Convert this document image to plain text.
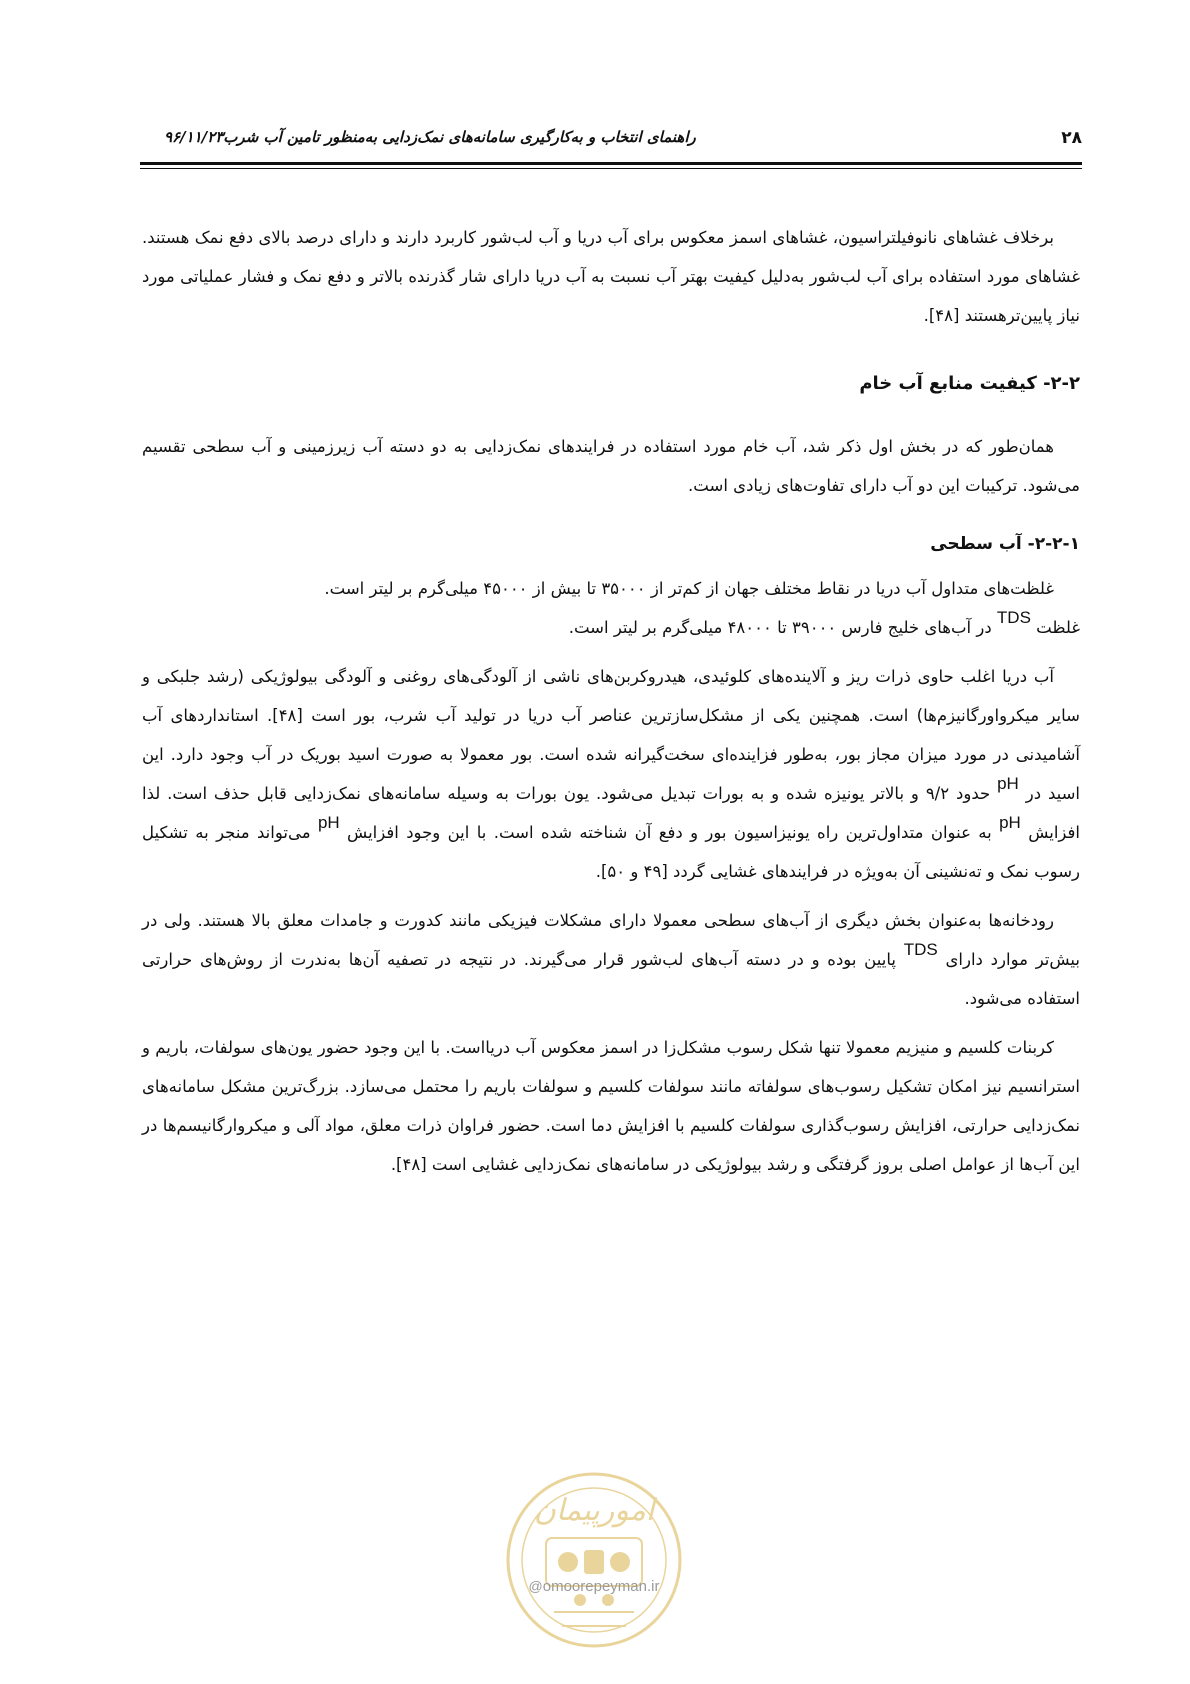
۲۸
راهنمای انتخاب و به‌کارگیری سامانه‌های نمک‌زدایی به‌منظور تامین آب شرب۹۶/۱۱/۲۳

برخلاف غشاهای نانوفیلتراسیون، غشاهای اسمز معکوس برای آب دریا و آب لب‌شور کاربرد دارند و دارای درصد بالای دفع نمک هستند. غشاهای مورد استفاده برای آب لب‌شور به‌دلیل کیفیت بهتر آب نسبت به آب دریا دارای شار گذرنده بالاتر و دفع نمک و فشار عملیاتی مورد نیاز پایین‌ترهستند [۴۸].

۲-۲- کیفیت منابع آب خام

همان‌طور که در بخش اول ذکر شد، آب خام مورد استفاده در فرایندهای نمک‌زدایی به دو دسته آب زیرزمینی و آب سطحی تقسیم می‌شود. ترکیبات این دو آب دارای تفاوت‌های زیادی است.

۲-۲-۱- آب سطحی

غلظت‌های متداول آب دریا در نقاط مختلف جهان از کم‌تر از ۳۵۰۰۰ تا بیش از ۴۵۰۰۰ میلی‌گرم بر لیتر است.
غلظت TDS در آب‌های خلیج فارس ۳۹۰۰۰ تا ۴۸۰۰۰ میلی‌گرم بر لیتر است.

آب دریا اغلب حاوی ذرات ریز و آلاینده‌های کلوئیدی، هیدروکربن‌های ناشی از آلودگی‌های روغنی و آلودگی بیولوژیکی (رشد جلبکی و سایر میکرواورگانیزم‌ها) است. همچنین یکی از مشکل‌سازترین عناصر آب دریا در تولید آب شرب، بور است [۴۸]. استانداردهای آب آشامیدنی در مورد میزان مجاز بور، به‌طور فزاینده‌ای سخت‌گیرانه شده است. بور معمولا به صورت اسید بوریک در آب وجود دارد. این اسید در pH حدود ۹/۲ و بالاتر یونیزه شده و به بورات تبدیل می‌شود. یون بورات به وسیله سامانه‌های نمک‌زدایی قابل حذف است. لذا افزایش pH به عنوان متداول‌ترین راه یونیزاسیون بور و دفع آن شناخته شده است. با این وجود افزایش pH می‌تواند منجر به تشکیل رسوب نمک و ته‌نشینی آن به‌ویژه در فرایندهای غشایی گردد [۴۹ و ۵۰].

رودخانه‌ها به‌عنوان بخش دیگری از آب‌های سطحی معمولا دارای مشکلات فیزیکی مانند کدورت و جامدات معلق بالا هستند. ولی در بیش‌تر موارد دارای TDS پایین بوده و در دسته آب‌های لب‌شور قرار می‌گیرند. در نتیجه در تصفیه آن‌ها به‌ندرت از روش‌های حرارتی استفاده می‌شود.

کربنات کلسیم و منیزیم معمولا تنها شکل رسوب مشکل‌زا در اسمز معکوس آب دریااست. با این وجود حضور یون‌های سولفات، باریم و استرانسیم نیز امکان تشکیل رسوب‌های سولفاته مانند سولفات کلسیم و سولفات باریم را محتمل می‌سازد. بزرگ‌ترین مشکل سامانه‌های نمک‌زدایی حرارتی، افزایش رسوب‌گذاری سولفات کلسیم با افزایش دما است. حضور فراوان ذرات معلق، مواد آلی و میکروارگانیسم‌ها در این آب‌ها از عوامل اصلی بروز گرفتگی و رشد بیولوژیکی در سامانه‌های نمک‌زدایی غشایی است [۴۸].

امورپیمان
@omoorepeyman.ir
